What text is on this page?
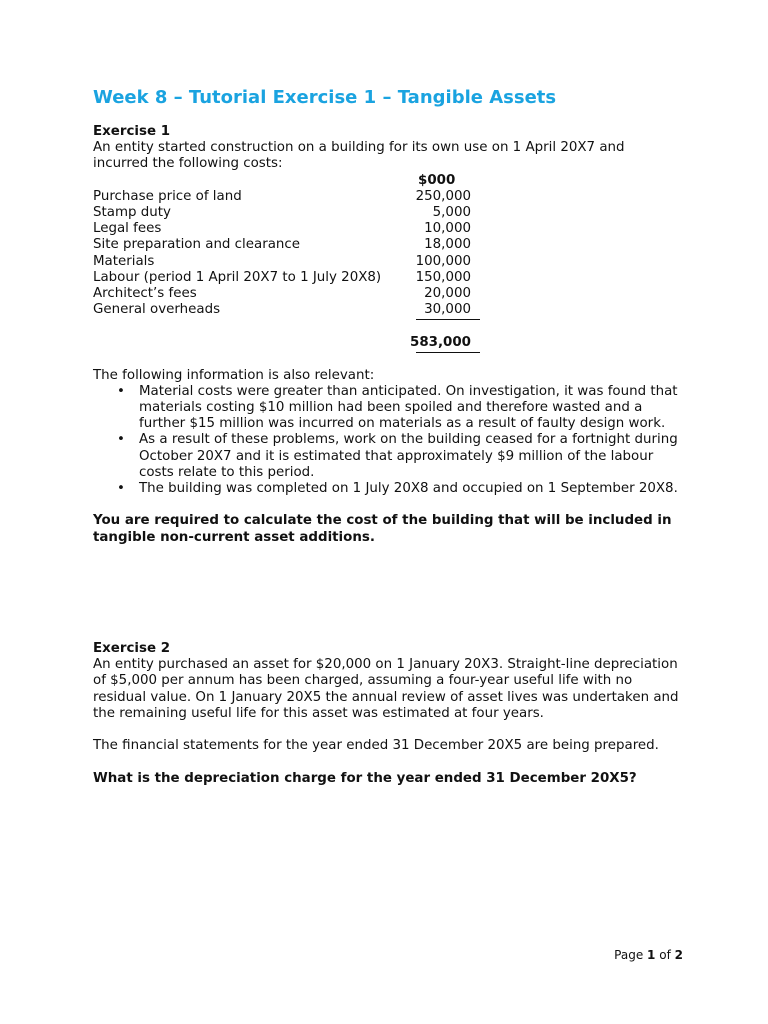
Week 8 – Tutorial Exercise 1 – Tangible Assets

Exercise 1

An entity started construction on a building for its own use on 1 April 20X7 and incurred the following costs:

$000
Purchase price of land	250,000
Stamp duty	5,000
Legal fees	10,000
Site preparation and clearance	18,000
Materials	100,000
Labour (period 1 April 20X7 to 1 July 20X8)	150,000
Architect’s fees	20,000
General overheads	30,000
583,000

The following information is also relevant:

• Material costs were greater than anticipated. On investigation, it was found that materials costing $10 million had been spoiled and therefore wasted and a further $15 million was incurred on materials as a result of faulty design work.
• As a result of these problems, work on the building ceased for a fortnight during October 20X7 and it is estimated that approximately $9 million of the labour costs relate to this period.
• The building was completed on 1 July 20X8 and occupied on 1 September 20X8.

You are required to calculate the cost of the building that will be included in tangible non-current asset additions.

Exercise 2

An entity purchased an asset for $20,000 on 1 January 20X3. Straight-line depreciation of $5,000 per annum has been charged, assuming a four-year useful life with no residual value. On 1 January 20X5 the annual review of asset lives was undertaken and the remaining useful life for this asset was estimated at four years.

The financial statements for the year ended 31 December 20X5 are being prepared.

What is the depreciation charge for the year ended 31 December 20X5?

Page 1 of 2
